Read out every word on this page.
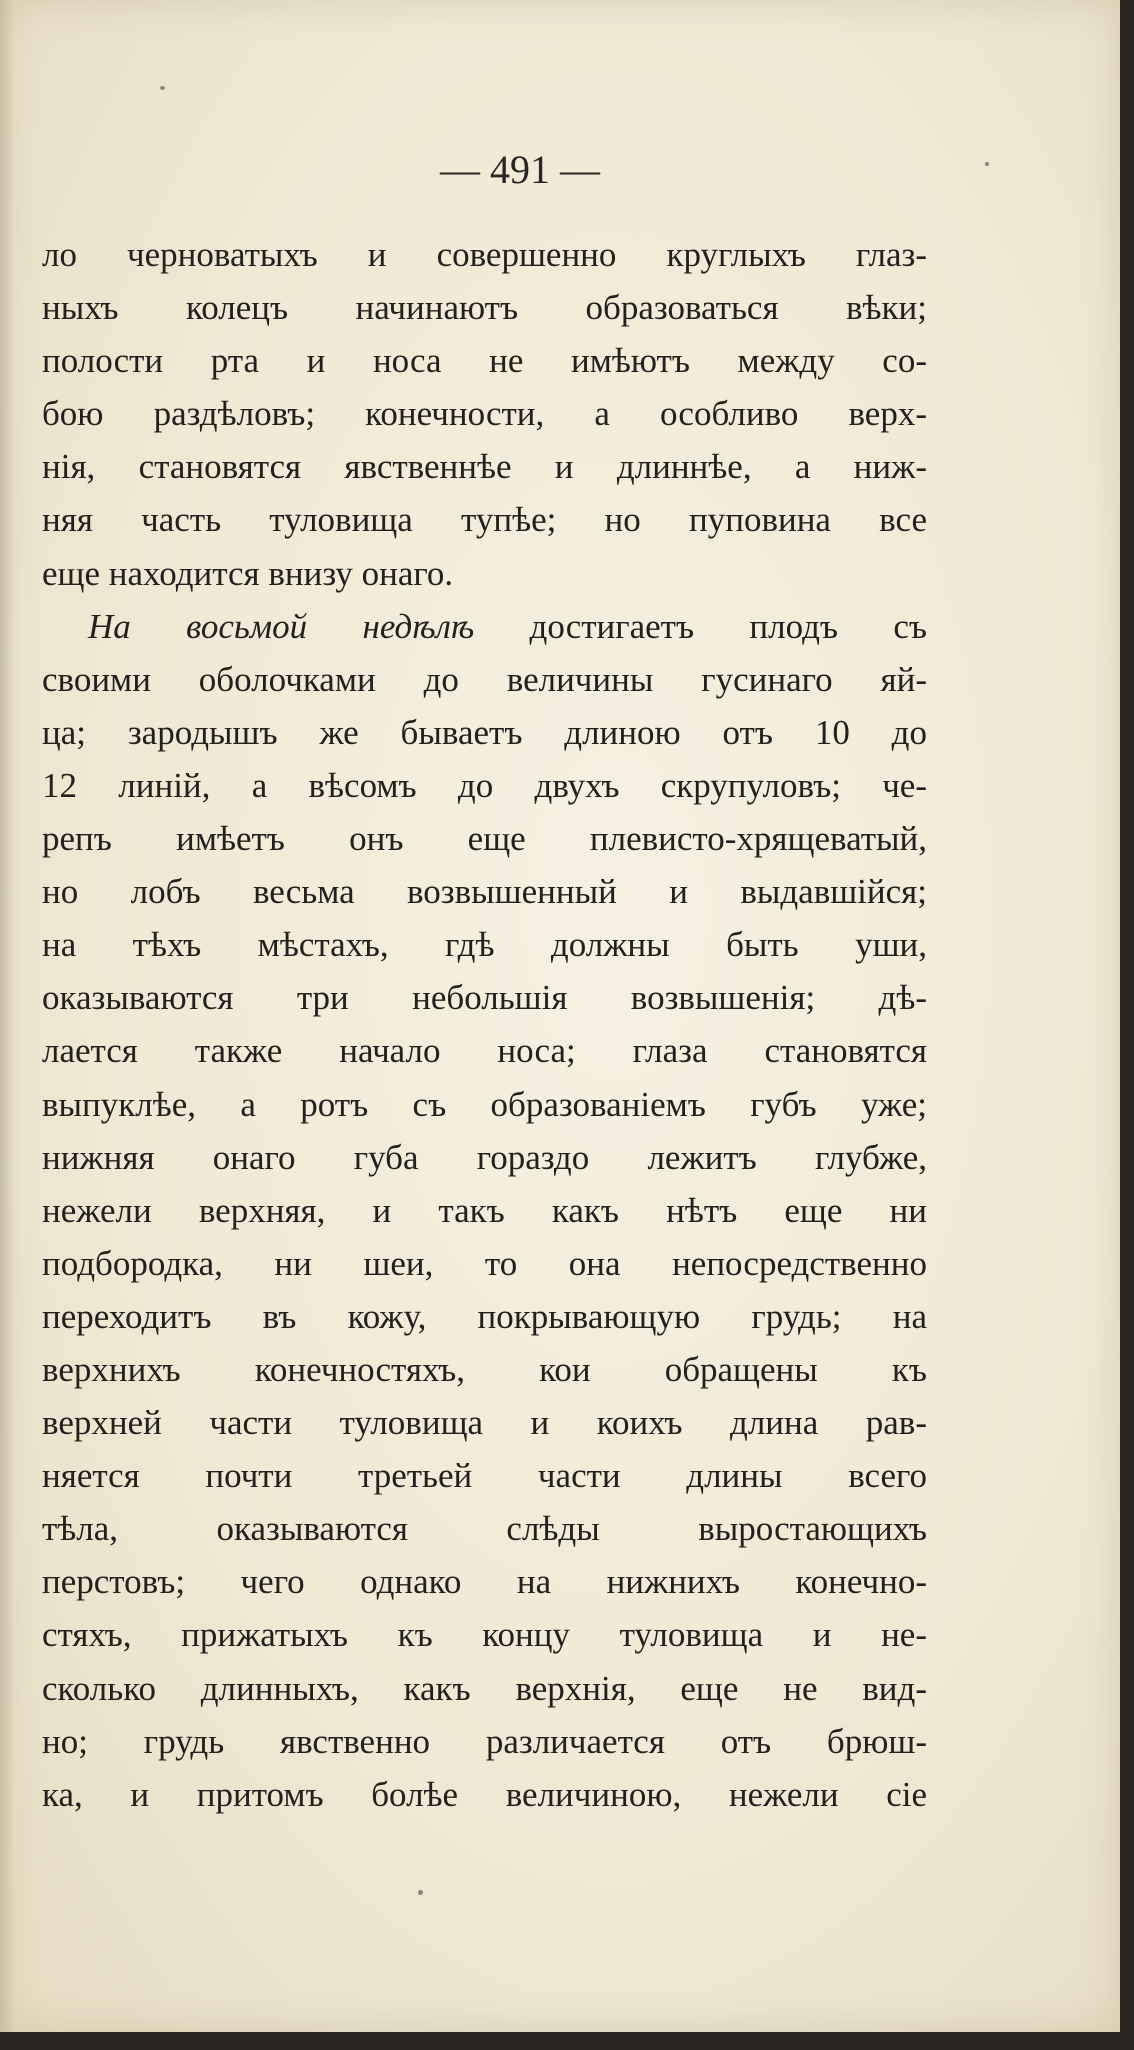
— 491 —
ло черноватыхъ и совершенно круглыхъ глаз-
ныхъ колецъ начинаютъ образоваться вѣки;
полости рта и носа не имѣютъ между со-
бою раздѣловъ; конечности, а особливо верх-
нія, становятся явственнѣе и длиннѣе, а ниж-
няя часть туловища тупѣе; но пуповина все
еще находится внизу онаго.
На восьмой недѣлѣ достигаетъ плодъ съ
своими оболочками до величины гусинаго яй-
ца; зародышъ же бываетъ длиною отъ 10 до
12 линій, а вѣсомъ до двухъ скрупуловъ; че-
репъ имѣетъ онъ еще плевисто-хрящеватый,
но лобъ весьма возвышенный и выдавшійся;
на тѣхъ мѣстахъ, гдѣ должны быть уши,
оказываются три небольшія возвышенія; дѣ-
лается также начало носа; глаза становятся
выпуклѣе, а ротъ съ образованіемъ губъ уже;
нижняя онаго губа гораздо лежитъ глубже,
нежели верхняя, и такъ какъ нѣтъ еще ни
подбородка, ни шеи, то она непосредственно
переходитъ въ кожу, покрывающую грудь; на
верхнихъ конечностяхъ, кои обращены къ
верхней части туловища и коихъ длина рав-
няется почти третьей части длины всего
тѣла, оказываются слѣды выростающихъ
перстовъ; чего однако на нижнихъ конечно-
стяхъ, прижатыхъ къ концу туловища и не-
сколько длинныхъ, какъ верхнія, еще не вид-
но; грудь явственно различается отъ брюш-
ка, и притомъ болѣе величиною, нежели сіе
